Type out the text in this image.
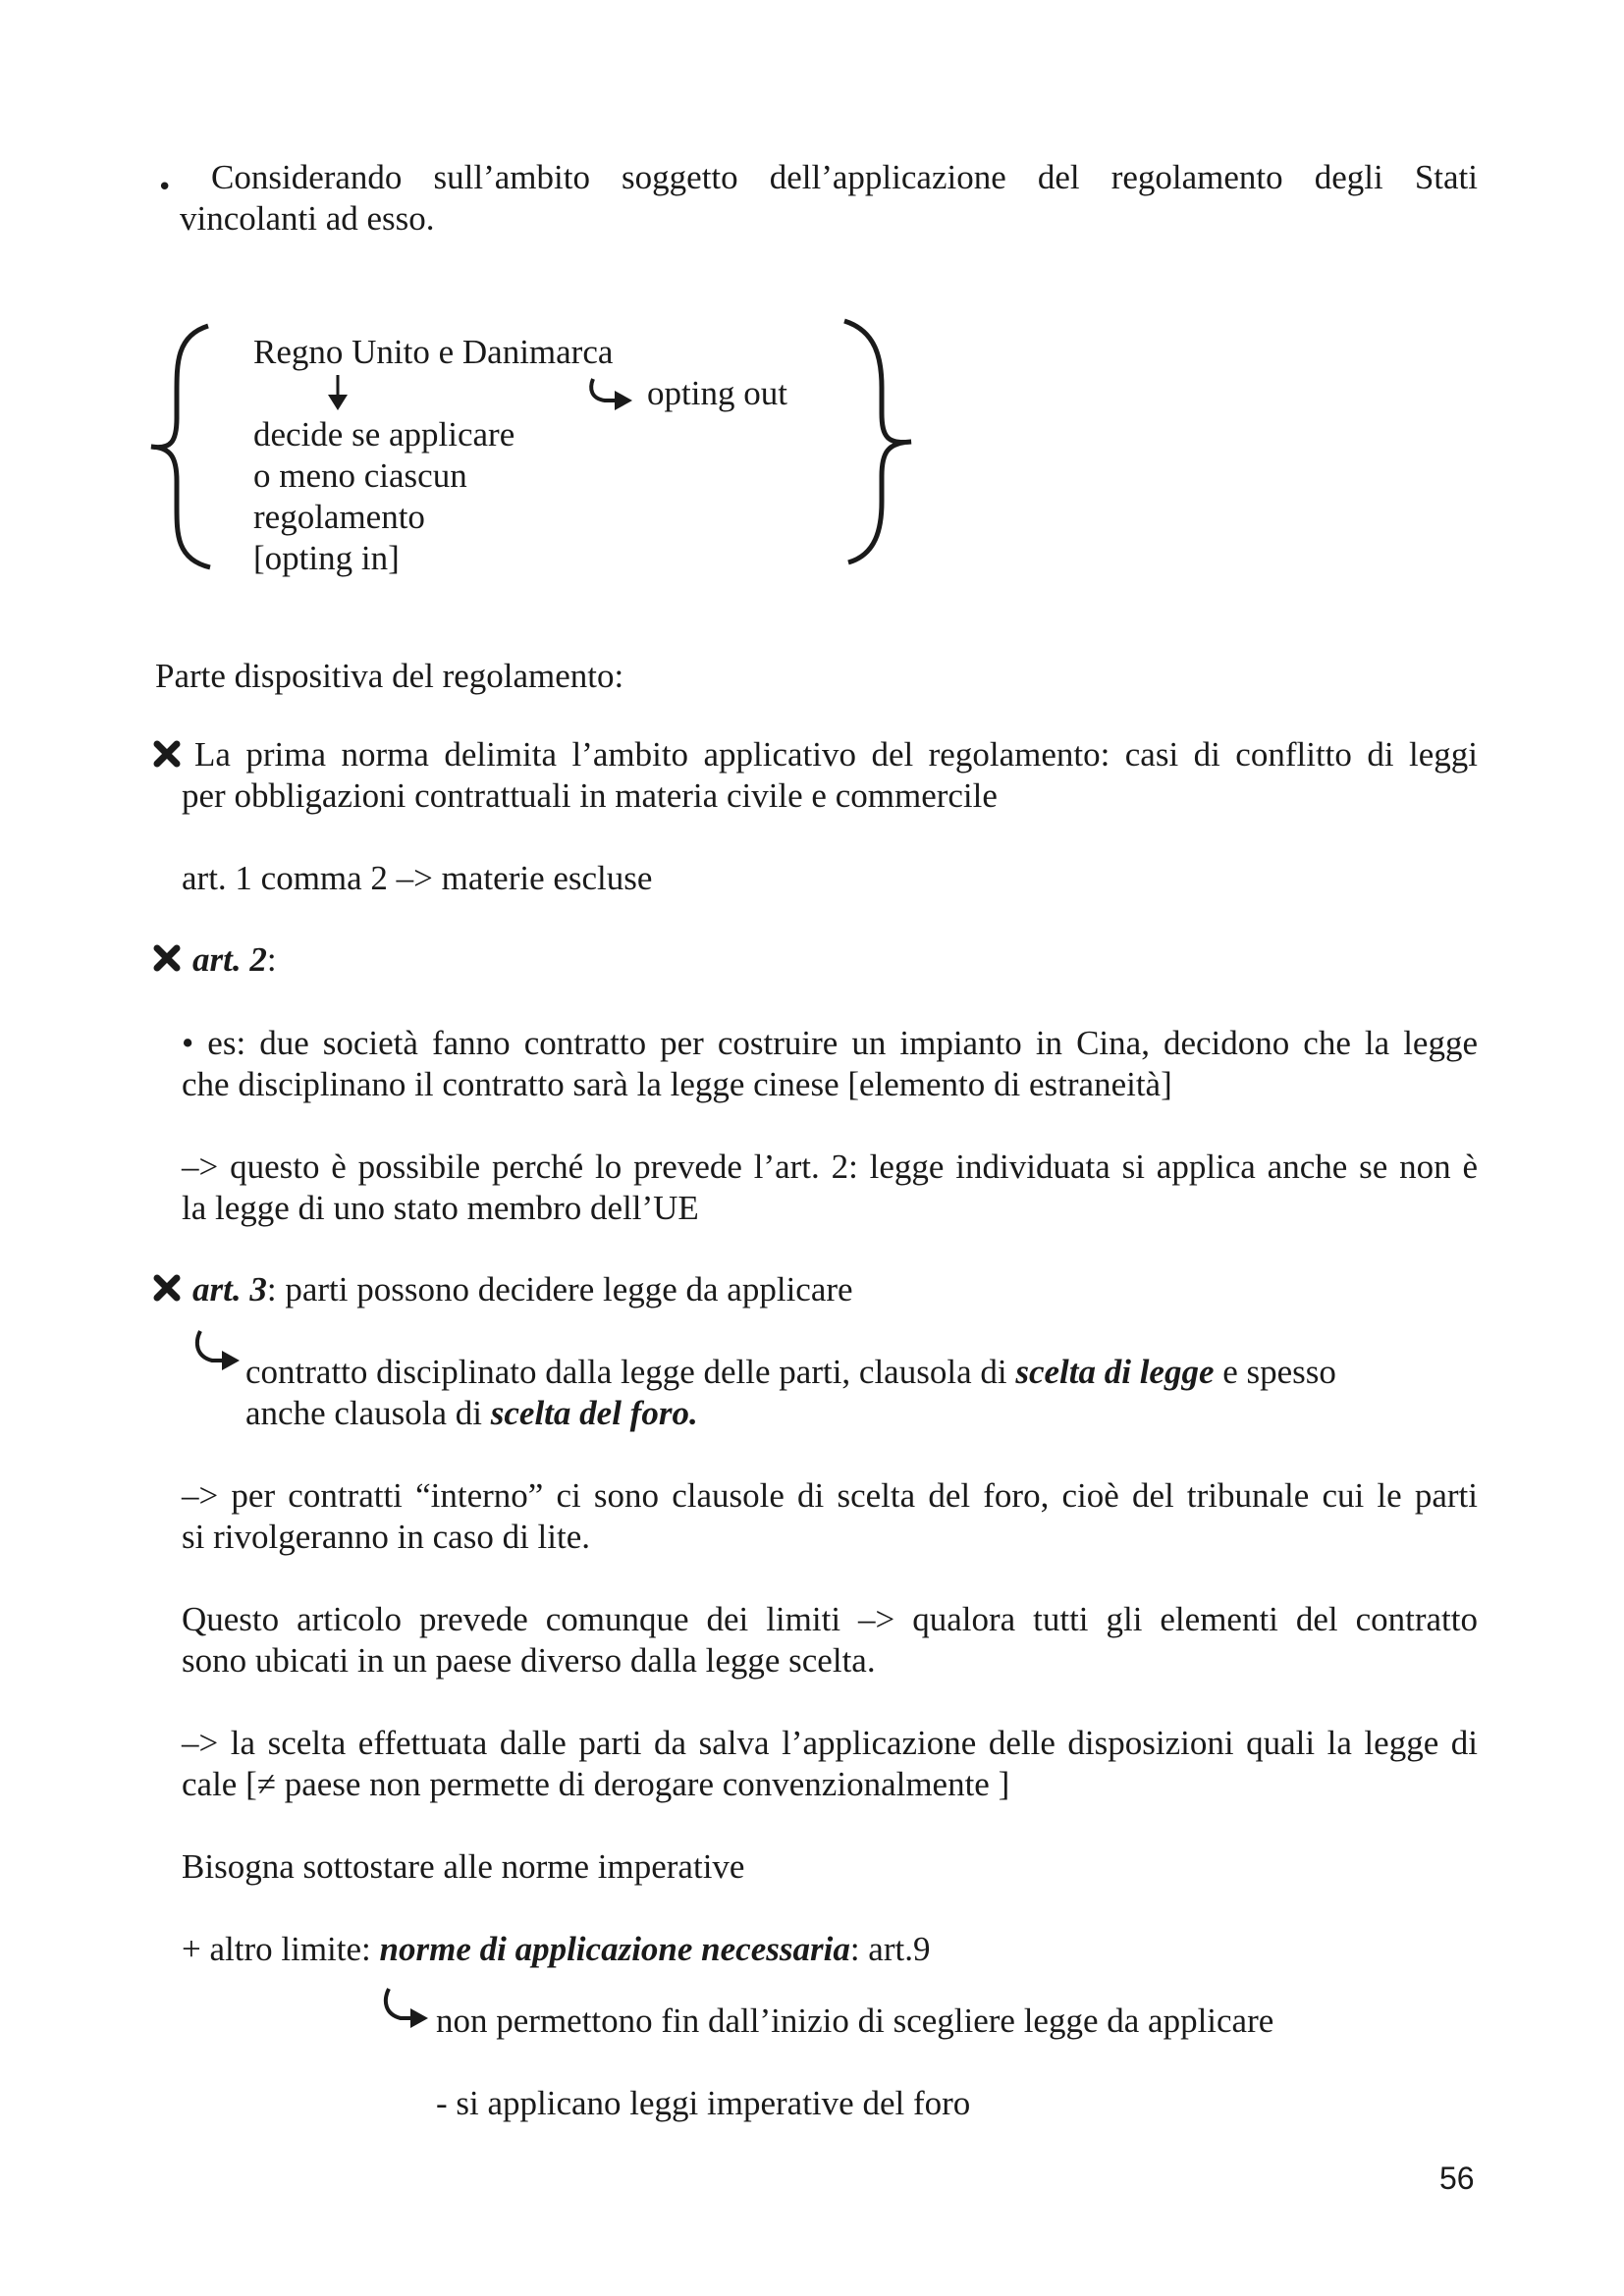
• Considerando sull’ambito soggetto dell’applicazione del regolamento degli Stati
vincolanti ad esso.
Regno Unito e Danimarca
opting out
decide se applicare
o meno ciascun
regolamento
[opting in]
Parte dispositiva del regolamento:
La prima norma delimita l’ambito applicativo del regolamento: casi di conflitto di leggi
per obbligazioni contrattuali in materia civile e commercile
art. 1 comma 2 –> materie escluse
art. 2:
• es: due società fanno contratto per costruire un impianto in Cina, decidono che la legge
che disciplinano il contratto sarà la legge cinese [elemento di estraneità]
–> questo è possibile perché lo prevede l’art. 2: legge individuata si applica anche se non è
la legge di uno stato membro dell’UE
art. 3: parti possono decidere legge da applicare
contratto disciplinato dalla legge delle parti, clausola di scelta di legge e spesso
anche clausola di scelta del foro.
–> per contratti “interno” ci sono clausole di scelta del foro, cioè del tribunale cui le parti
si rivolgeranno in caso di lite.
Questo articolo prevede comunque dei limiti –> qualora tutti gli elementi del contratto
sono ubicati in un paese diverso dalla legge scelta.
–> la scelta effettuata dalle parti da salva l’applicazione delle disposizioni quali la legge di
cale [≠ paese non permette di derogare convenzionalmente ]
Bisogna sottostare alle norme imperative
+ altro limite: norme di applicazione necessaria: art.9
non permettono fin dall’inizio di scegliere legge da applicare
- si applicano leggi imperative del foro
56
